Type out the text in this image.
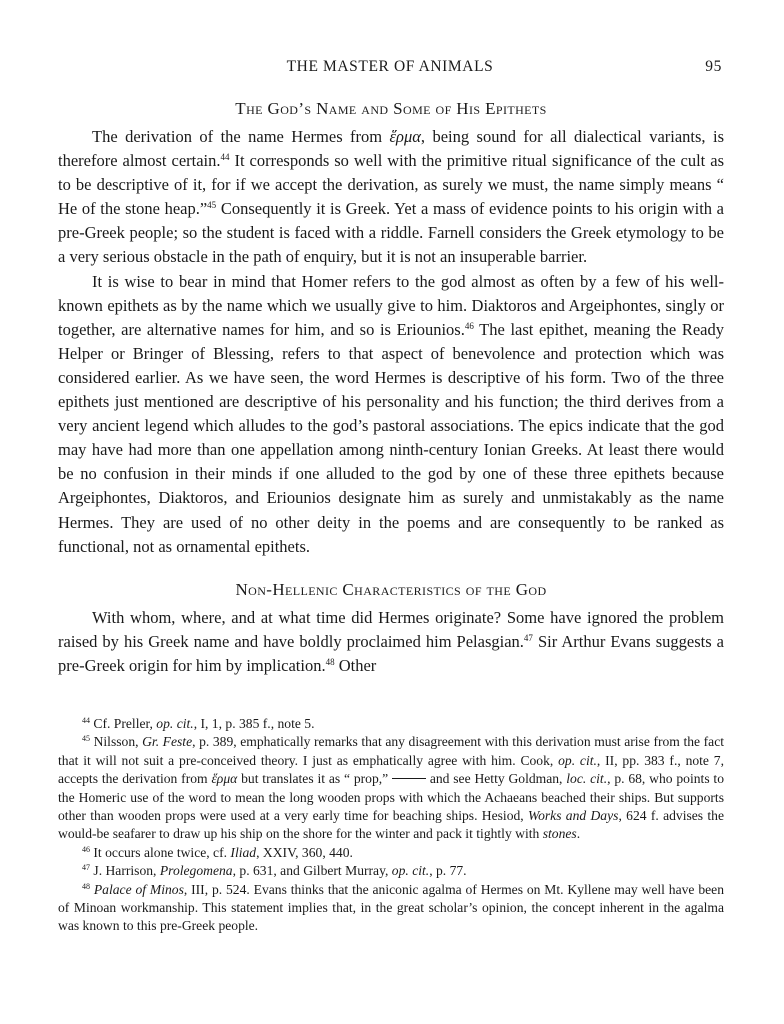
THE MASTER OF ANIMALS	95
The God’s Name and Some of His Epithets

The derivation of the name Hermes from ἕρμα, being sound for all dialectical variants, is therefore almost certain.$^{44}$ It corresponds so well with the primitive ritual significance of the cult as to be descriptive of it, for if we accept the derivation, as surely we must, the name simply means “ He of the stone heap.”$^{45}$ Consequently it is Greek. Yet a mass of evidence points to his origin with a pre-Greek people; so the student is faced with a riddle. Farnell considers the Greek etymology to be a very serious obstacle in the path of enquiry, but it is not an insuperable barrier.

It is wise to bear in mind that Homer refers to the god almost as often by a few of his well-known epithets as by the name which we usually give to him. Diaktoros and Argeiphontes, singly or together, are alternative names for him, and so is Eriounios.$^{46}$ The last epithet, meaning the Ready Helper or Bringer of Blessing, refers to that aspect of benevolence and protection which was considered earlier. As we have seen, the word Hermes is descriptive of his form. Two of the three epithets just mentioned are descriptive of his personality and his function; the third derives from a very ancient legend which alludes to the god’s pastoral associations. The epics indicate that the god may have had more than one appellation among ninth-century Ionian Greeks. At least there would be no confusion in their minds if one alluded to the god by one of these three epithets because Argeiphontes, Diaktoros, and Eriounios designate him as surely and unmistakably as the name Hermes. They are used of no other deity in the poems and are consequently to be ranked as functional, not as ornamental epithets.

Non-Hellenic Characteristics of the God

With whom, where, and at what time did Hermes originate? Some have ignored the problem raised by his Greek name and have boldly proclaimed him Pelasgian.$^{47}$ Sir Arthur Evans suggests a pre-Greek origin for him by implication.$^{48}$ Other

$^{44}$ Cf. Preller, op. cit., I, 1, p. 385 f., note 5.

$^{45}$ Nilsson, Gr. Feste, p. 389, emphatically remarks that any disagreement with this derivation must arise from the fact that it will not suit a pre-conceived theory. I just as emphatically agree with him. Cook, op. cit., II, pp. 383 f., note 7, accepts the derivation from ἕρμα but translates it as “ prop,”	and see Hetty Goldman, loc. cit., p. 68, who points to the Homeric use of the word to mean the long wooden props with which the Achaeans beached their ships. But supports other than wooden props were used at a very early time for beaching ships. Hesiod, Works and Days, 624 f. advises the would-be seafarer to draw up his ship on the shore for the winter and pack it tightly with stones.

$^{46}$ It occurs alone twice, cf. Iliad, XXIV, 360, 440.

$^{47}$ J. Harrison, Prolegomena, p. 631, and Gilbert Murray, op. cit., p. 77.

$^{48}$ Palace of Minos, III, p. 524. Evans thinks that the aniconic agalma of Hermes on Mt. Kyllene may well have been of Minoan workmanship. This statement implies that, in the great scholar’s opinion, the concept inherent in the agalma was known to this pre-Greek people.
